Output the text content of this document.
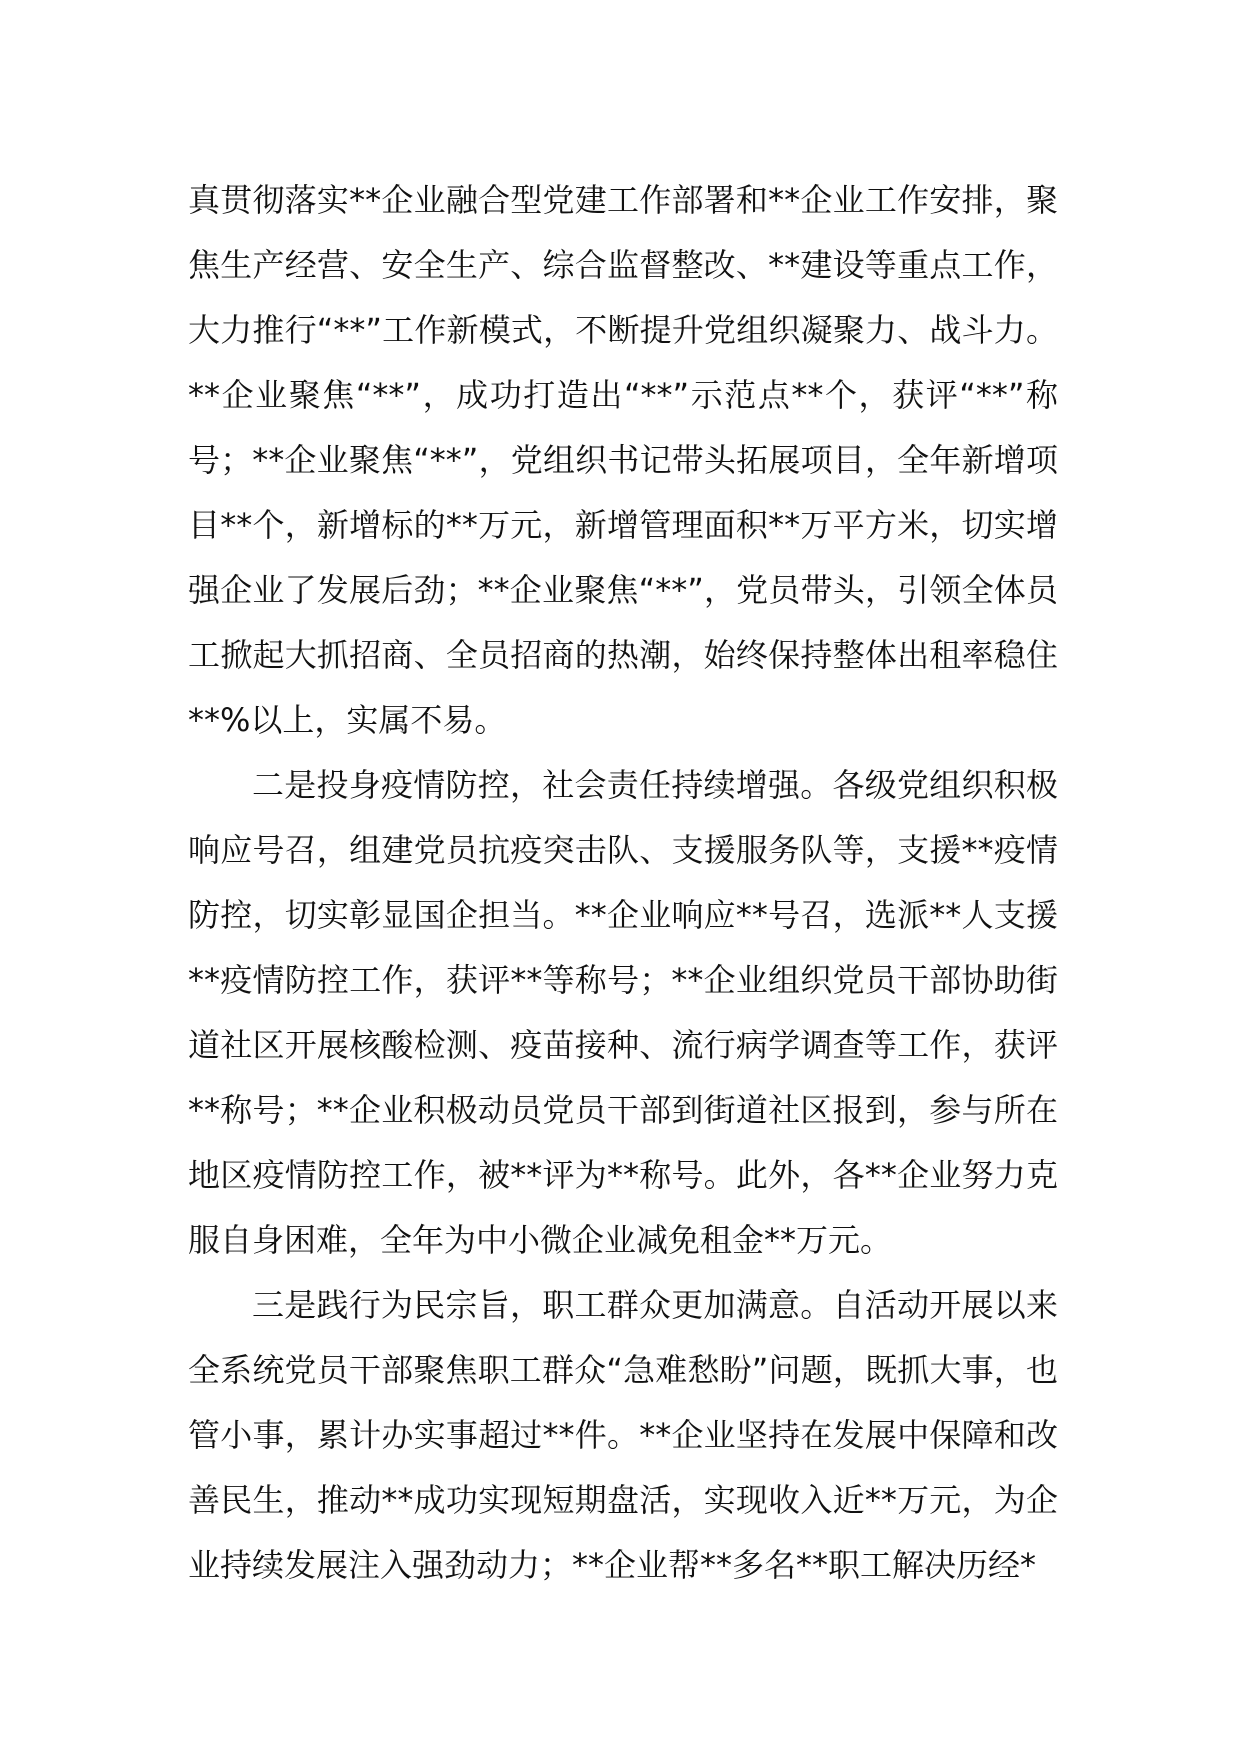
真贯彻落实**企业融合型党建工作部署和**企业工作安排，聚焦生产经营、安全生产、综合监督整改、**建设等重点工作，大力推行“**”工作新模式，不断提升党组织凝聚力、战斗力。**企业聚焦“**”，成功打造出“**”示范点**个，获评“**”称号；**企业聚焦“**”，党组织书记带头拓展项目，全年新增项目**个，新增标的**万元，新增管理面积**万平方米，切实增强企业了发展后劲；**企业聚焦“**”，党员带头，引领全体员工掀起大抓招商、全员招商的热潮，始终保持整体出租率稳住**%以上，实属不易。

二是投身疫情防控，社会责任持续增强。各级党组织积极响应号召，组建党员抗疫突击队、支援服务队等，支援**疫情防控，切实彰显国企担当。**企业响应**号召，选派**人支援**疫情防控工作，获评**等称号；**企业组织党员干部协助街道社区开展核酸检测、疫苗接种、流行病学调查等工作，获评**称号；**企业积极动员党员干部到街道社区报到，参与所在地区疫情防控工作，被**评为**称号。此外，各**企业努力克服自身困难，全年为中小微企业减免租金**万元。

三是践行为民宗旨，职工群众更加满意。自活动开展以来全系统党员干部聚焦职工群众“急难愁盼”问题，既抓大事，也管小事，累计办实事超过**件。**企业坚持在发展中保障和改善民生，推动**成功实现短期盘活，实现收入近**万元，为企业持续发展注入强劲动力；**企业帮**多名**职工解决历经*
